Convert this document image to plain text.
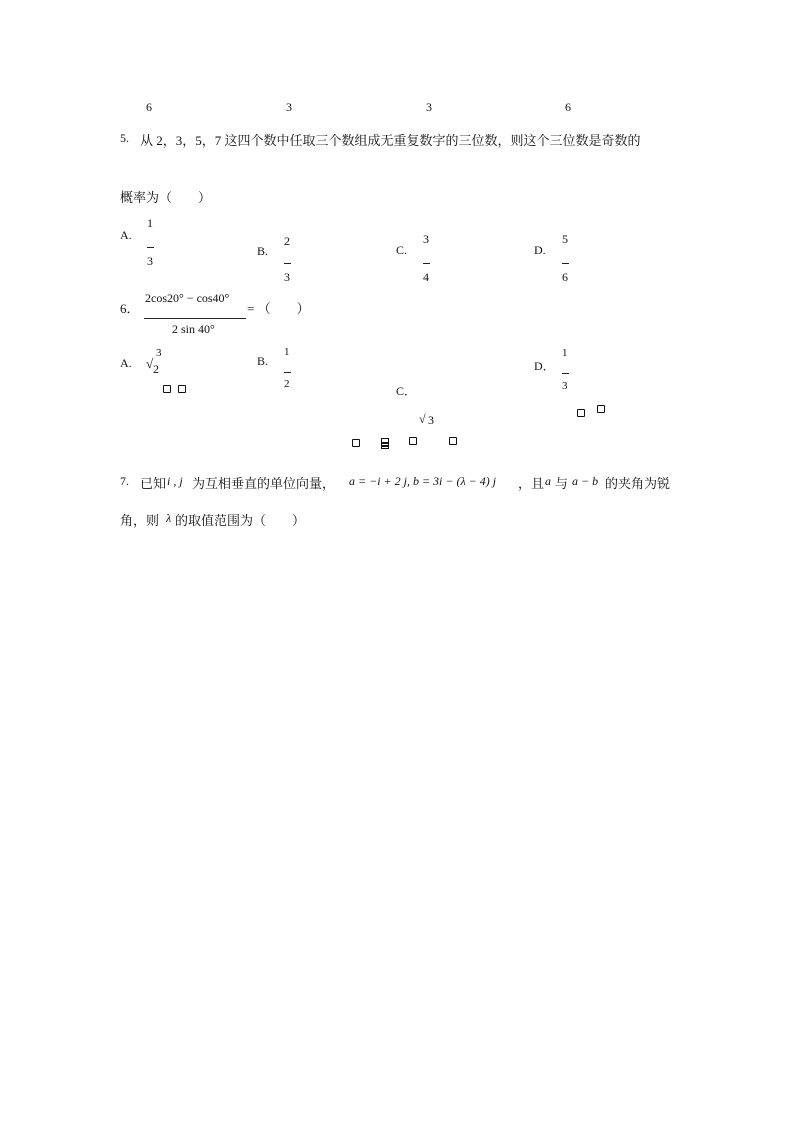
6	3	3	6
5. 从 2，3，5，7 这四个数中任取三个数组成无重复数字的三位数，则这个三位数是奇数的
概率为（　　）
A.
1
3
B.
2
3
C.
3
4
D.
5
6
6．
2cos20° − cos40°
2 sin 40°
= （　　）
A.
3
√ 2
B.
1
2	C．
√ 3
D．
1
3
7. 已知 i , j 为互相垂直的单位向量， a = −i + 2 j, b = 3i − (λ − 4) j ，且 a 与 a − b 的夹角为锐
角，则 λ 的取值范围为（　　）
